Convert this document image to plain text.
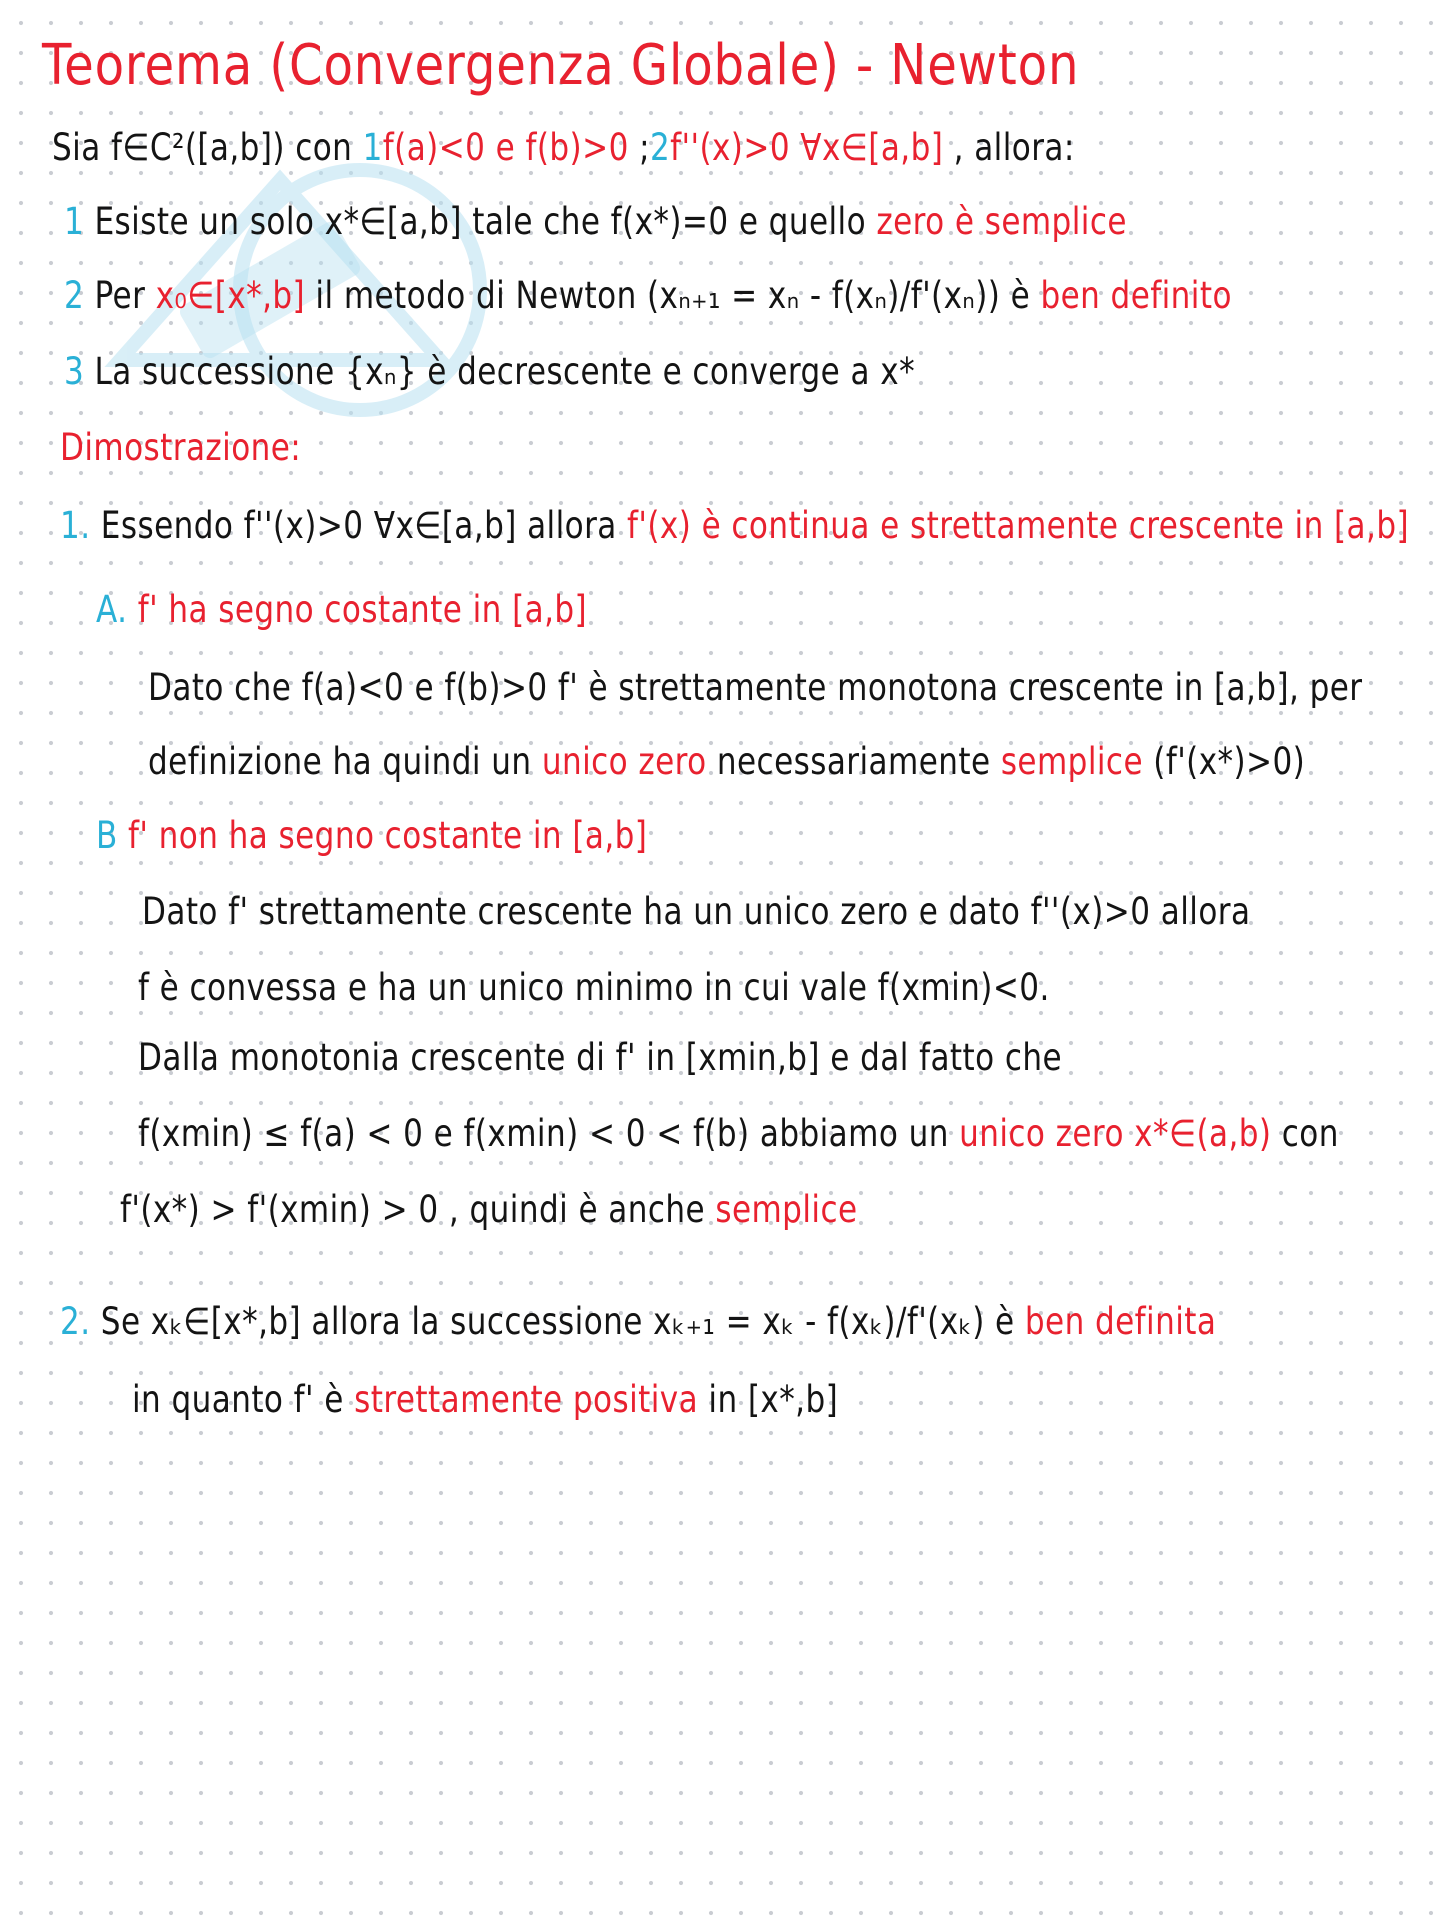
Teorema (Convergenza Globale) - Newton
Sia f∈C²([a,b]) con 1f(a)<0 e f(b)>0 ;2f''(x)>0 ∀x∈[a,b] , allora:
1 Esiste un solo x*∈[a,b] tale che f(x*)=0 e quello zero è semplice
2 Per x₀∈[x*,b] il metodo di Newton (xₙ₊₁ = xₙ - f(xₙ)/f'(xₙ)) è ben definito
3 La successione {xₙ} è decrescente e converge a x*
Dimostrazione:
1. Essendo f''(x)>0 ∀x∈[a,b] allora f'(x) è continua e strettamente crescente in [a,b]
A. f' ha segno costante in [a,b]
Dato che f(a)<0 e f(b)>0 f' è strettamente monotona crescente in [a,b], per
definizione ha quindi un unico zero necessariamente semplice (f'(x*)>0)
B f' non ha segno costante in [a,b]
Dato f' strettamente crescente ha un unico zero e dato f''(x)>0 allora
f è convessa e ha un unico minimo in cui vale f(xmin)<0.
Dalla monotonia crescente di f' in [xmin,b] e dal fatto che
f(xmin) ≤ f(a) < 0 e f(xmin) < 0 < f(b) abbiamo un unico zero x*∈(a,b) con
f'(x*) > f'(xmin) > 0 , quindi è anche semplice
2. Se xₖ∈[x*,b] allora la successione xₖ₊₁ = xₖ - f(xₖ)/f'(xₖ) è ben definita
in quanto f' è strettamente positiva in [x*,b]
